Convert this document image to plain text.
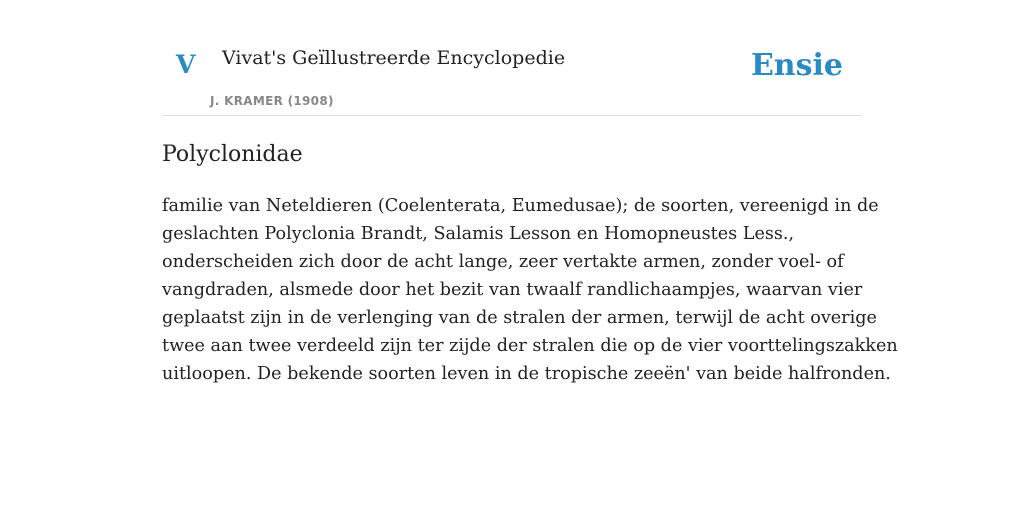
V Vivat's Geïllustreerde Encyclopedie
J. KRAMER (1908)
Ensie
Polyclonidae

familie van Neteldieren (Coelenterata, Eumedusae); de soorten, vereenigd in de
geslachten Polyclonia Brandt, Salamis Lesson en Homopneustes Less.,
onderscheiden zich door de acht lange, zeer vertakte armen, zonder voel- of
vangdraden, alsmede door het bezit van twaalf randlichaampjes, waarvan vier
geplaatst zijn in de verlenging van de stralen der armen, terwijl de acht overige
twee aan twee verdeeld zijn ter zijde der stralen die op de vier voorttelingszakken
uitloopen. De bekende soorten leven in de tropische zeeën' van beide halfronden.
